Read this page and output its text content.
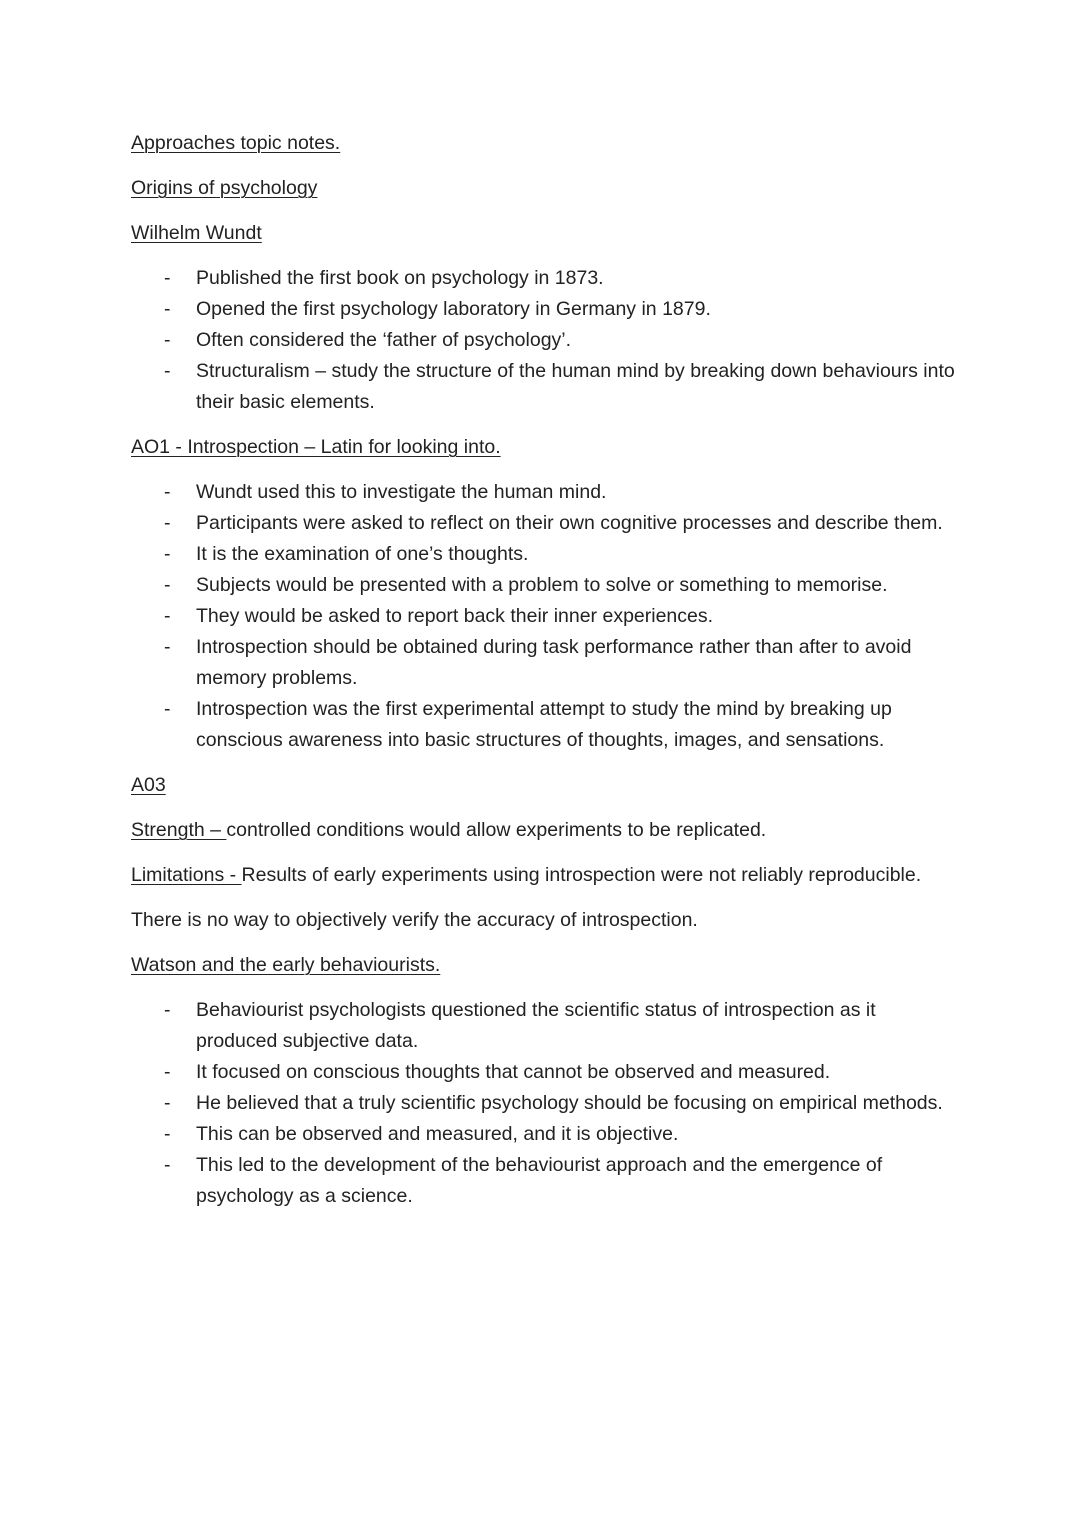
Approaches topic notes.

Origins of psychology

Wilhelm Wundt

- Published the first book on psychology in 1873.
- Opened the first psychology laboratory in Germany in 1879.
- Often considered the ‘father of psychology’.
- Structuralism – study the structure of the human mind by breaking down behaviours into their basic elements.

AO1 - Introspection – Latin for looking into.

- Wundt used this to investigate the human mind.
- Participants were asked to reflect on their own cognitive processes and describe them.
- It is the examination of one’s thoughts.
- Subjects would be presented with a problem to solve or something to memorise.
- They would be asked to report back their inner experiences.
- Introspection should be obtained during task performance rather than after to avoid memory problems.
- Introspection was the first experimental attempt to study the mind by breaking up conscious awareness into basic structures of thoughts, images, and sensations.

A03

Strength – controlled conditions would allow experiments to be replicated.

Limitations - Results of early experiments using introspection were not reliably reproducible.

There is no way to objectively verify the accuracy of introspection.

Watson and the early behaviourists.

- Behaviourist psychologists questioned the scientific status of introspection as it produced subjective data.
- It focused on conscious thoughts that cannot be observed and measured.
- He believed that a truly scientific psychology should be focusing on empirical methods.
- This can be observed and measured, and it is objective.
- This led to the development of the behaviourist approach and the emergence of psychology as a science.
